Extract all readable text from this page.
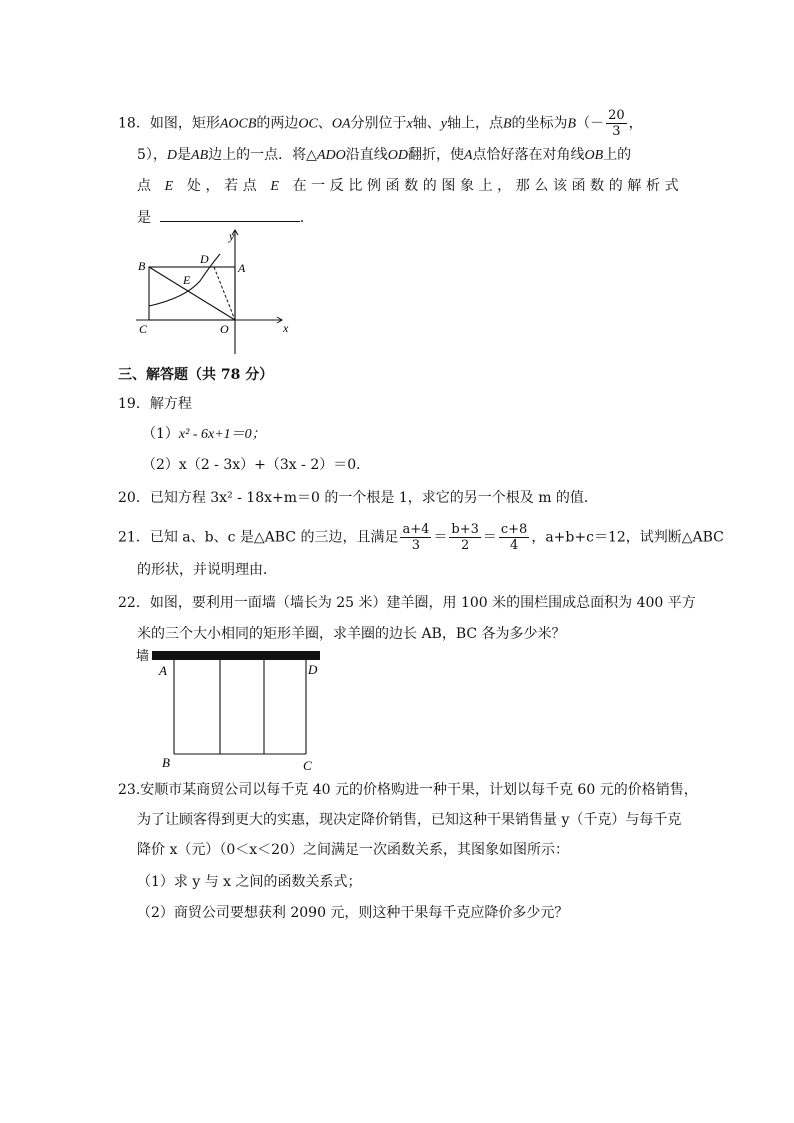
18．如图，矩形AOCB的两边OC、OA分别位于x轴、y轴上，点B的坐标为$B(- \frac{20}{3}$ ，
5），D是AB边上的一点．将△ADO沿直线OD翻折，使A点恰好落在对角线OB上的
点 E 处，若点 E 在一反比例函数的图象上，那么该函数的解析式
是	．
y
x
B	D
A
E
C	O
三、解答题（共 78 分）
19．解方程
（1）x² - 6x+1＝0；
（2）x（2 - 3x）+（3x - 2）＝0．
20．已知方程 3x² - 18x+m＝0 的一个根是 1，求它的另一个根及 m 的值．
21．已知 a、b、c 是△ABC 的三边，且满足 $\frac{a+4}{3} = \frac{b+3}{2} = \frac{c+8}{4}$ ，a+b+c＝12，试判断△ABC
的形状，并说明理由．
22．如图，要利用一面墙（墙长为 25 米）建羊圈，用 100 米的围栏围成总面积为 400 平方
米的三个大小相同的矩形羊圈，求羊圈的边长 AB，BC 各为多少米？
墙
A	D
B	C
23.安顺市某商贸公司以每千克 40 元的价格购进一种干果，计划以每千克 60 元的价格销售，
为了让顾客得到更大的实惠，现决定降价销售，已知这种干果销售量 y（千克）与每千克
降价 x（元）（0＜x＜20）之间满足一次函数关系，其图象如图所示：
（1）求 y 与 x 之间的函数关系式；
（2）商贸公司要想获利 2090 元，则这种干果每千克应降价多少元？
